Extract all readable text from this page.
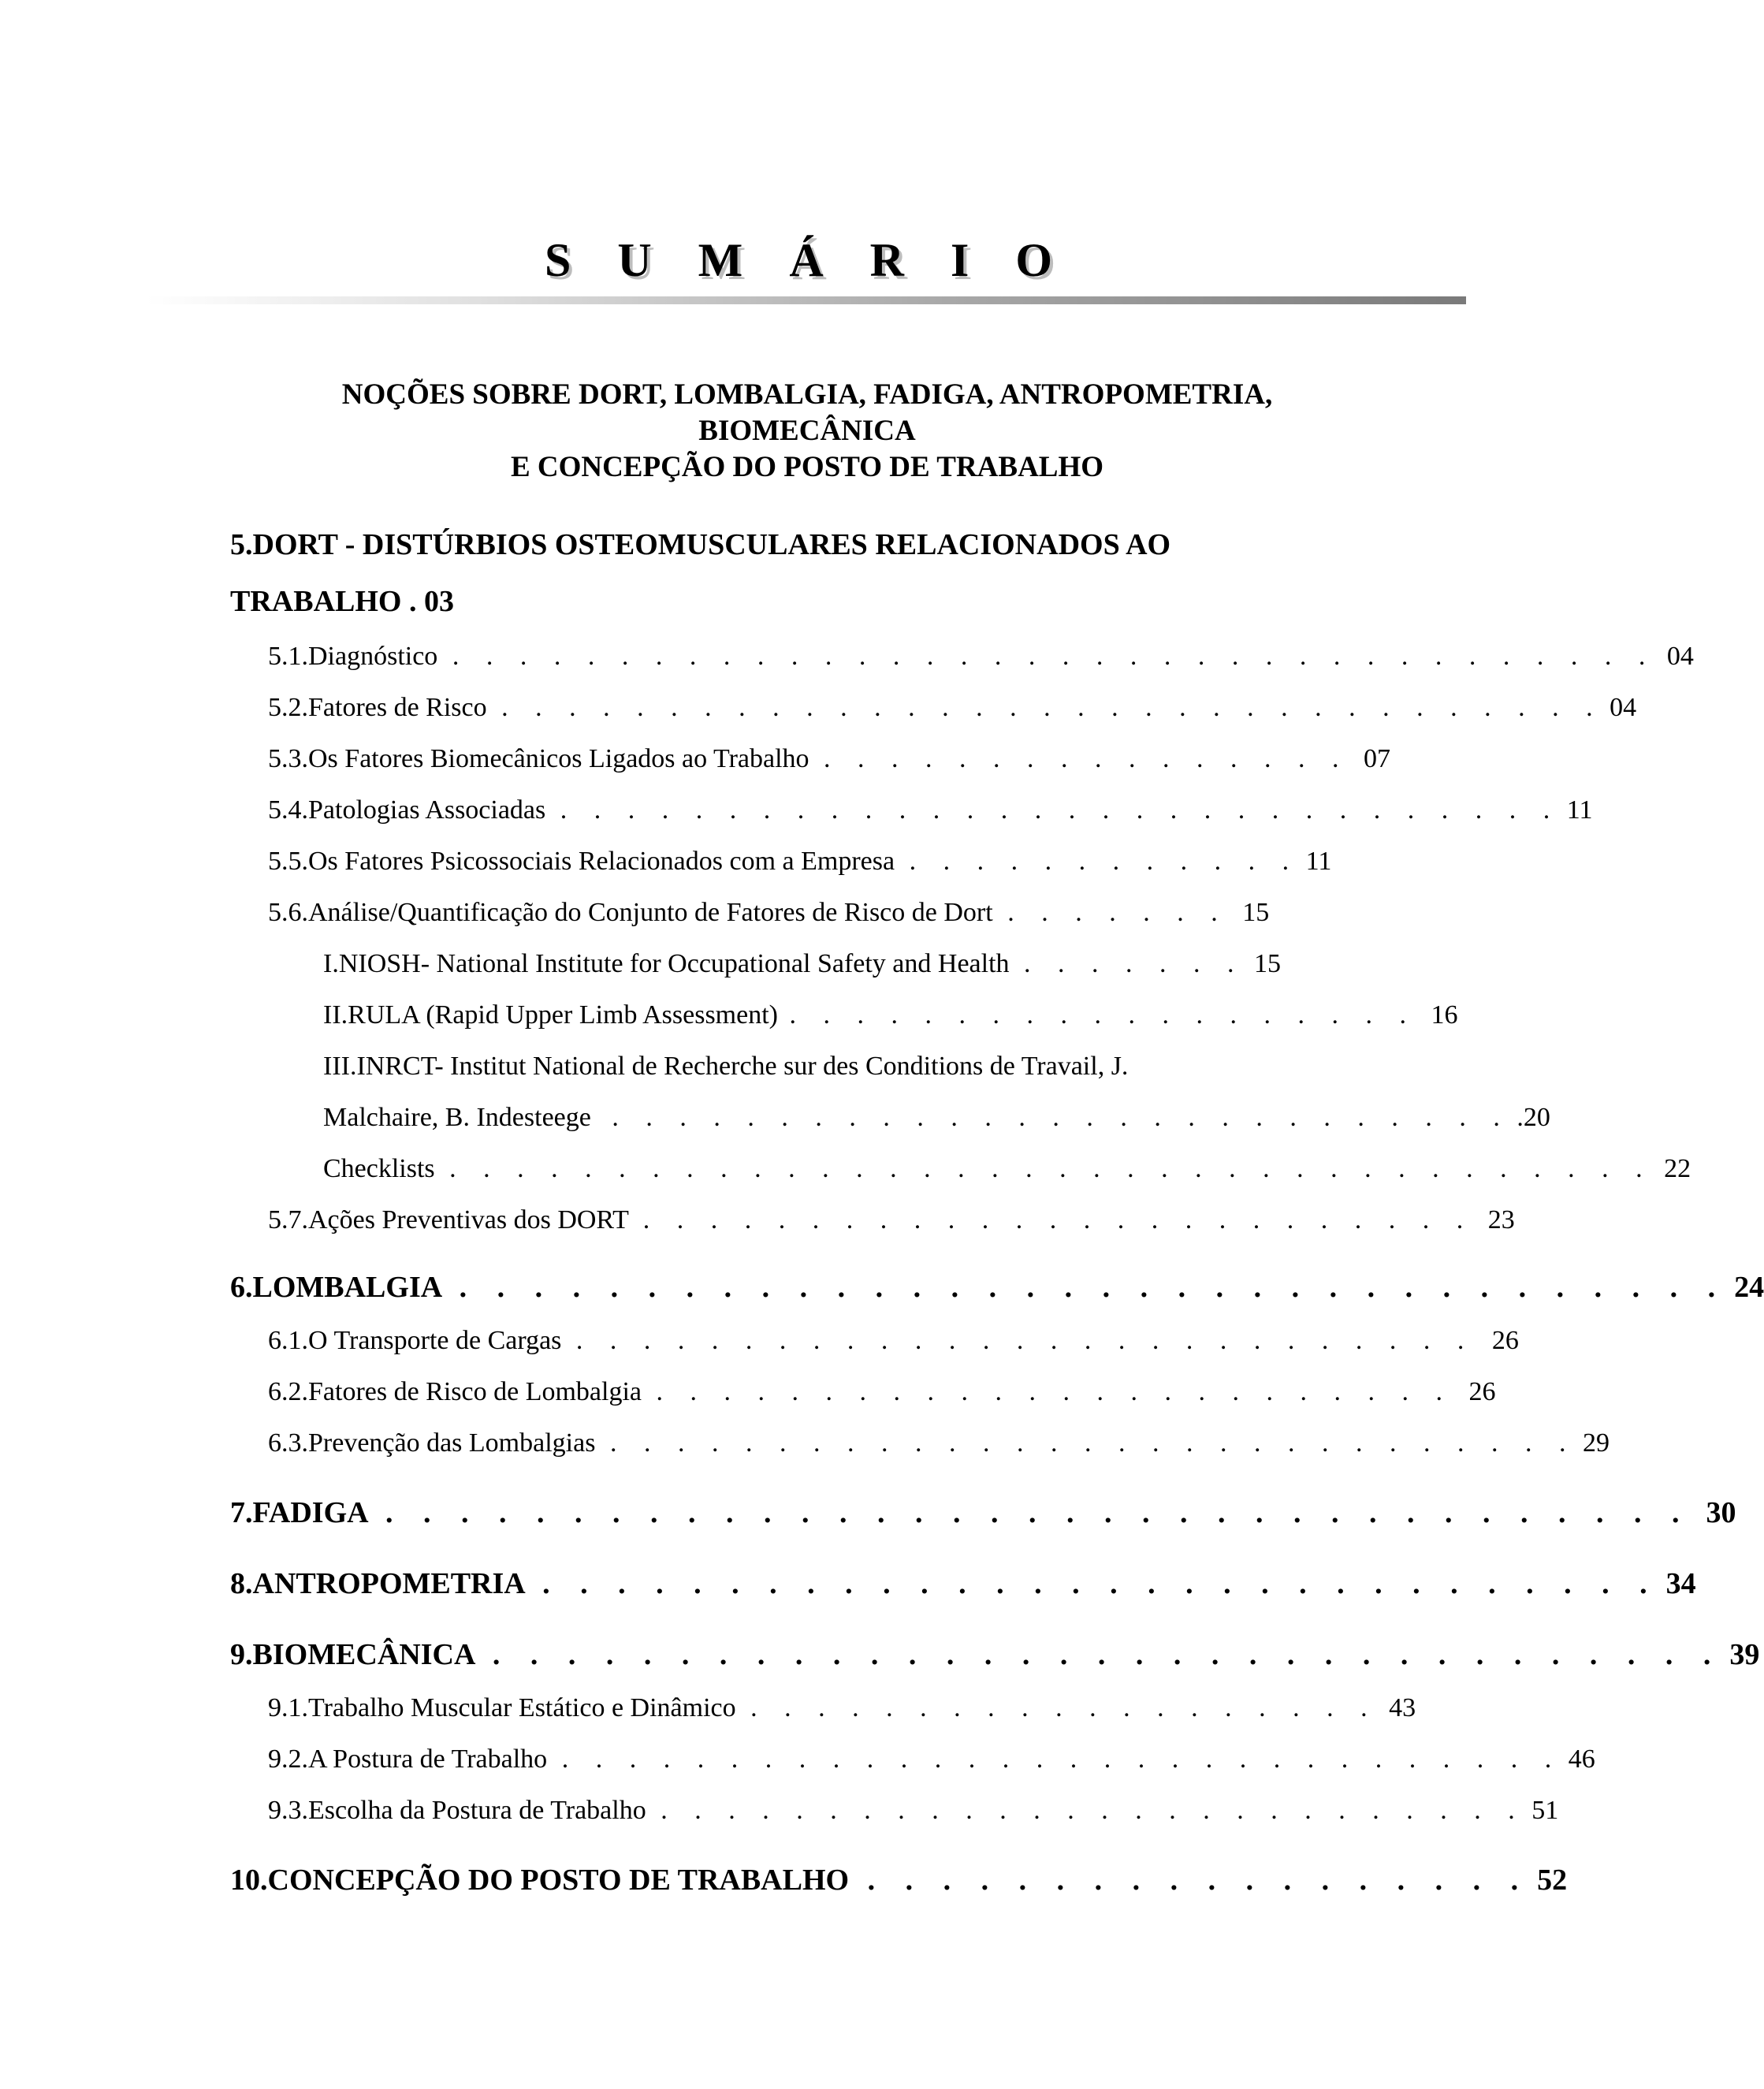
S U M Á R I O
NOÇÕES SOBRE DORT, LOMBALGIA, FADIGA, ANTROPOMETRIA,
BIOMECÂNICA
E CONCEPÇÃO DO POSTO DE TRABALHO
5.DORT - DISTÚRBIOS OSTEOMUSCULARES RELACIONADOS AO
TRABALHO . 03
5.1.Diagnóstico . . . . . . . . . . . . . . . . . . . . . . . . . . . . . . . . . . . . 04
5.2.Fatores de Risco . . . . . . . . . . . . . . . . . . . . . . . . . . . . . . . . . 04
5.3.Os Fatores Biomecânicos Ligados ao Trabalho . . . . . . . . . . . . . . . . 07
5.4.Patologias Associadas . . . . . . . . . . . . . . . . . . . . . . . . . . . . . . 11
5.5.Os Fatores Psicossociais Relacionados com a Empresa . . . . . . . . . . . . 11
5.6.Análise/Quantificação do Conjunto de Fatores de Risco de Dort . . . . . . . 15
I.NIOSH- National Institute for Occupational Safety and Health . . . . . . . 15
II.RULA (Rapid Upper Limb Assessment) . . . . . . . . . . . . . . . . . . . 16
III.INRCT- Institut National de Recherche sur des Conditions de Travail, J.
Malchaire, B. Indesteege . . . . . . . . . . . . . . . . . . . . . . . . . . . .20
Checklists . . . . . . . . . . . . . . . . . . . . . . . . . . . . . . . . . . . . 22
5.7.Ações Preventivas dos DORT . . . . . . . . . . . . . . . . . . . . . . . . . 23
6.LOMBALGIA . . . . . . . . . . . . . . . . . . . . . . . . . . . . . . . . . . 24
6.1.O Transporte de Cargas . . . . . . . . . . . . . . . . . . . . . . . . . . . 26
6.2.Fatores de Risco de Lombalgia . . . . . . . . . . . . . . . . . . . . . . . . 26
6.3.Prevenção das Lombalgias . . . . . . . . . . . . . . . . . . . . . . . . . . . . . 29
7.FADIGA . . . . . . . . . . . . . . . . . . . . . . . . . . . . . . . . . . . 30
8.ANTROPOMETRIA . . . . . . . . . . . . . . . . . . . . . . . . . . . . . . 34
9.BIOMECÂNICA . . . . . . . . . . . . . . . . . . . . . . . . . . . . . . . . . 39
9.1.Trabalho Muscular Estático e Dinâmico . . . . . . . . . . . . . . . . . . . 43
9.2.A Postura de Trabalho . . . . . . . . . . . . . . . . . . . . . . . . . . . . . . 46
9.3.Escolha da Postura de Trabalho . . . . . . . . . . . . . . . . . . . . . . . . . . 51
10.CONCEPÇÃO DO POSTO DE TRABALHO . . . . . . . . . . . . . . . . . . 52
